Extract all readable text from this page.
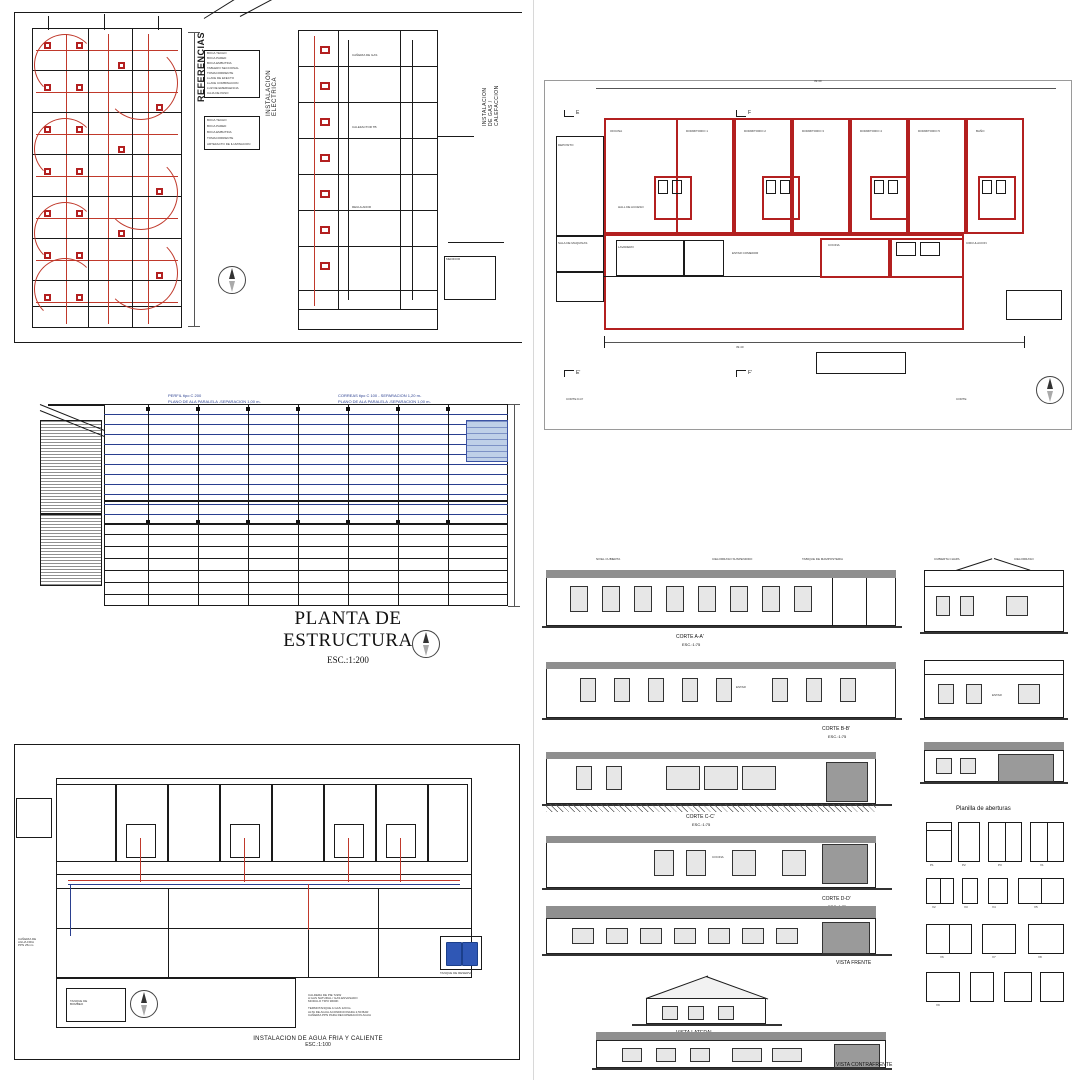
BOCA TECHO
BOCA PARED
BOCA EMBUTIDA
TABLERO SECCIONAL
TOMACORRIENTE
LLAVE DE EFECTO
LLAVE COMBINACION
LUZ DE EMERGENCIA
CAJA DE PASO
BOCA TECHO
BOCA PARED
BOCA EMBUTIDA
TOMACORRIENTE
ARTEFACTO DE ILUMINACION
REFERENCIAS	INSTALACION ELECTRICA
CAÑERIA DE GAS
CALEFACTOR TB
REGULADOR
MEDIDOR
INSTALACION DE GAS / CALEFACCION
PERFIL tipo C 200
PLANO DE ALA PARALELA -SEPARACION 1,00 m-
CORREAS tipo C 100 - SEPARACION 1,20 m-
PLANO DE ALA PARALELA -SEPARACION 1,00 m-
PLANTA DE
ESTRUCTURA
ESC.:1:200
TANQUE DE RESERVA
CALDERA DE PIE 72kW
A GAS NATURAL / GAS ENVASADO
MODULO TIPO 9600K
TERMOTANQUE A GAS 120 lts.
ALTA DE AGUA ACONDICIONADA 2,50 BAR
CAÑERIA PPN PARA RECUPERACION AGUA
CAÑERIA DE
AGUA FRIA
PPN 25mm
TANQUE DE
BOMBEO
INSTALACION DE AGUA FRIA Y CALIENTE
ESC.:1:100
39.40
E	F
E'	F'
DEPOSITO
SALA DE MAQUINAS
OFICINA	DORMITORIO 1	DORMITORIO 2	DORMITORIO 3	DORMITORIO 4	DORMITORIO 5	BAÑO
ESTAR COMEDOR
COCINA
LAVADERO
CIRCULACION
HALL DE ACCESO
39.40
CORTE D-D'	CORTE
NIVEL CUBIERTA	CIELORRASO SUSPENDIDO	TABIQUE DE MAMPOSTERIA
CORTE A-A'
ESC.:1:75
ESTAR
CORTE B-B'
ESC.:1:75
CORTE C-C'
ESC.:1:75
COCINA
CORTE D-D'
VISTA FRENTE
VISTA CONTRAFRENTE
CUBIERTA CHAPA	CIELORRASO
ESTAR
Planilla de aberturas
P1	P2	P3	V1
V2	V3	V4	V5
V6	V7	V8
V9
